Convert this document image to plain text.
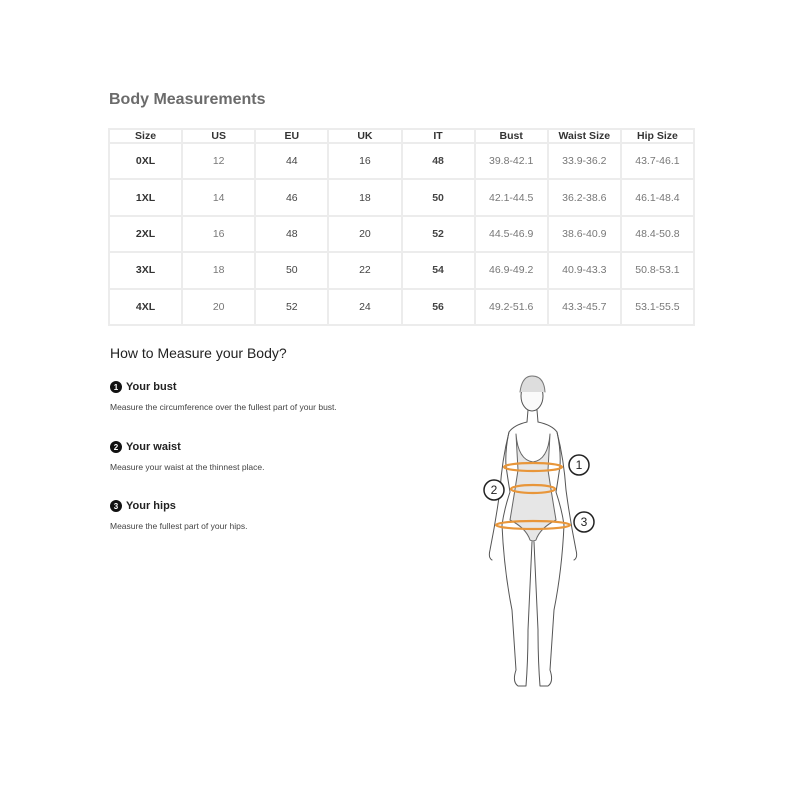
Body Measurements
Size	US	EU	UK	IT	Bust	Waist Size	Hip Size
0XL	12	44	16	48	39.8-42.1	33.9-36.2	43.7-46.1
1XL	14	46	18	50	42.1-44.5	36.2-38.6	46.1-48.4
2XL	16	48	20	52	44.5-46.9	38.6-40.9	48.4-50.8
3XL	18	50	22	54	46.9-49.2	40.9-43.3	50.8-53.1
4XL	20	52	24	56	49.2-51.6	43.3-45.7	53.1-55.5
How to Measure your Body?
1 Your bust
Measure the circumference over the fullest part of your bust.
2 Your waist
Measure your waist at the thinnest place.
3 Your hips
Measure the fullest part of your hips.
1
2
3
